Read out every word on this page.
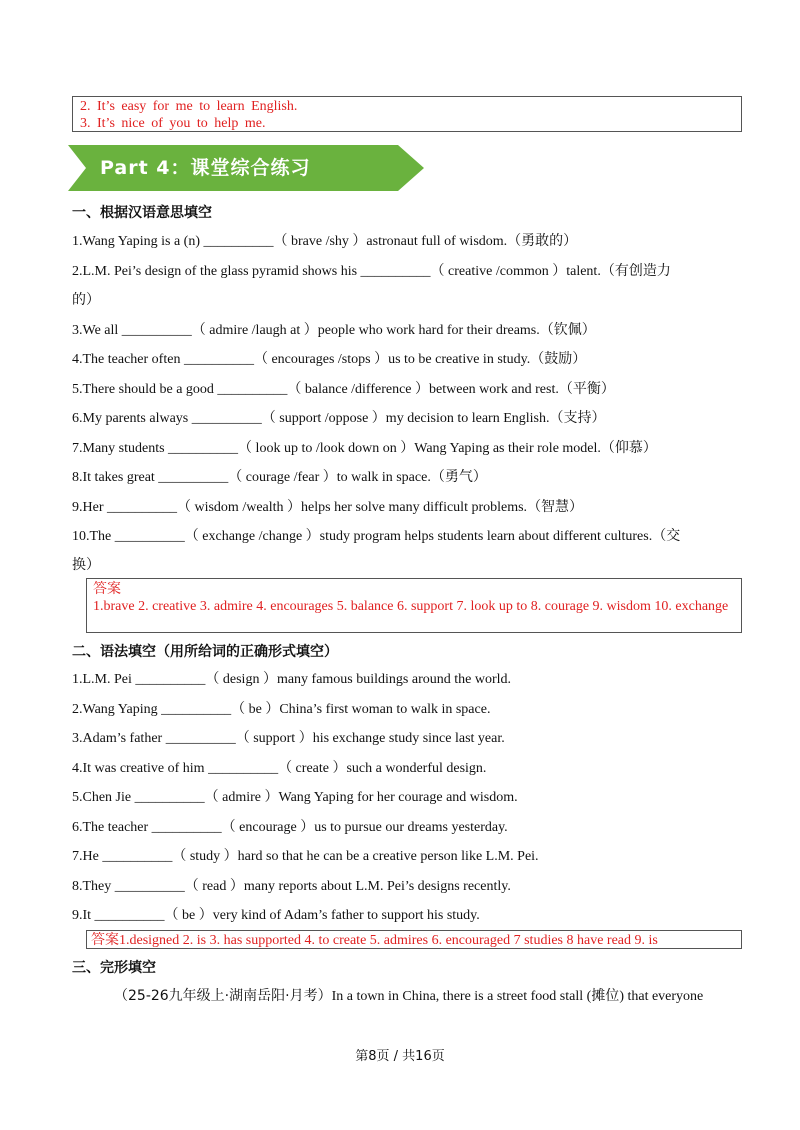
2. It’s easy for me to learn English.
3. It’s nice of you to help me.
Part 4：课堂综合练习
一、根据汉语意思填空
1.Wang Yaping is a (n) __________（ brave /shy ）astronaut full of wisdom.（勇敢的）
2.L.M. Pei’s design of the glass pyramid shows his __________（ creative /common ）talent.（有创造力
的）
3.We all __________（ admire /laugh at ）people who work hard for their dreams.（钦佩）
4.The teacher often __________（ encourages /stops ）us to be creative in study.（鼓励）
5.There should be a good __________（ balance /difference ）between work and rest.（平衡）
6.My parents always __________（ support /oppose ）my decision to learn English.（支持）
7.Many students __________（ look up to /look down on ）Wang Yaping as their role model.（仰慕）
8.It takes great __________（ courage /fear ）to walk in space.（勇气）
9.Her __________（ wisdom /wealth ）helps her solve many difficult problems.（智慧）
10.The __________（ exchange /change ）study program helps students learn about different cultures.（交
换）
答案
1.brave 2. creative 3. admire 4. encourages 5. balance 6. support 7. look up to 8. courage 9. wisdom 10. exchange
二、语法填空（用所给词的正确形式填空）
1.L.M. Pei __________（ design ）many famous buildings around the world.
2.Wang Yaping __________（ be ）China’s first woman to walk in space.
3.Adam’s father __________（ support ）his exchange study since last year.
4.It was creative of him __________（ create ）such a wonderful design.
5.Chen Jie __________（ admire ）Wang Yaping for her courage and wisdom.
6.The teacher __________（ encourage ）us to pursue our dreams yesterday.
7.He __________（ study ）hard so that he can be a creative person like L.M. Pei.
8.They __________（ read ）many reports about L.M. Pei’s designs recently.
9.It __________（ be ）very kind of Adam’s father to support his study.
答案1.designed 2. is 3. has supported 4. to create 5. admires 6. encouraged 7 studies 8 have read 9. is
三、完形填空
（25-26九年级上·湖南岳阳·月考）In a town in China, there is a street food stall (摊位) that everyone
第8页 / 共16页
